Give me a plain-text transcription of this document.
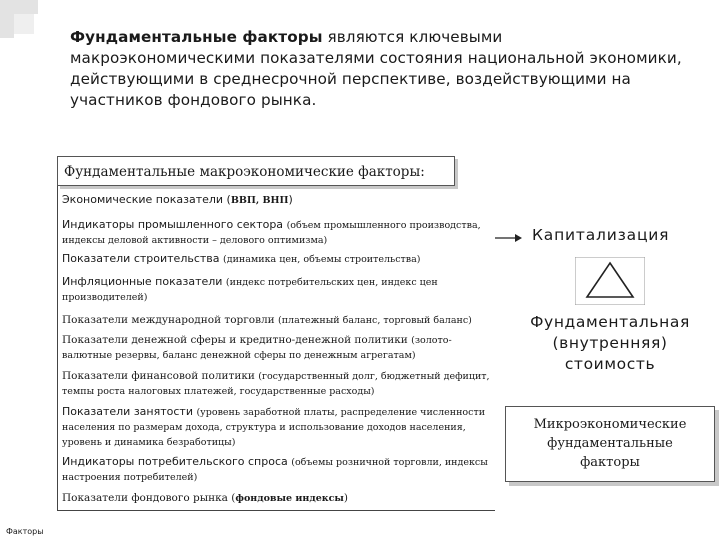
Фундаментальные факторы являются ключевыми макроэкономическими показателями состояния национальной экономики, действующими в среднесрочной перспективе, воздействующими на участников фондового рынка.
Фундаментальные макроэкономические факторы:
Экономические показатели (ВВП, ВНП)
Индикаторы промышленного сектора (объем промышленного производства, индексы деловой активности – делового оптимизма)
Показатели строительства (динамика цен, объемы строительства)
Инфляционные показатели (индекс потребительских цен, индекс цен производителей)
Показатели международной торговли (платежный баланс, торговый баланс)
Показатели денежной сферы и кредитно-денежной политики (золото-валютные резервы, баланс денежной сферы по денежным агрегатам)
Показатели финансовой политики (государственный долг, бюджетный дефицит, темпы роста налоговых платежей, государственные расходы)
Показатели занятости (уровень заработной платы, распределение численности населения по размерам дохода, структура и использование доходов населения, уровень и динамика безработицы)
Индикаторы потребительского спроса (объемы розничной торговли, индексы настроения потребителей)
Показатели фондового рынка (фондовые индексы)
Капитализация
Фундаментальная
(внутренняя)
стоимость
Микроэкономические
фундаментальные
факторы
Факторы
